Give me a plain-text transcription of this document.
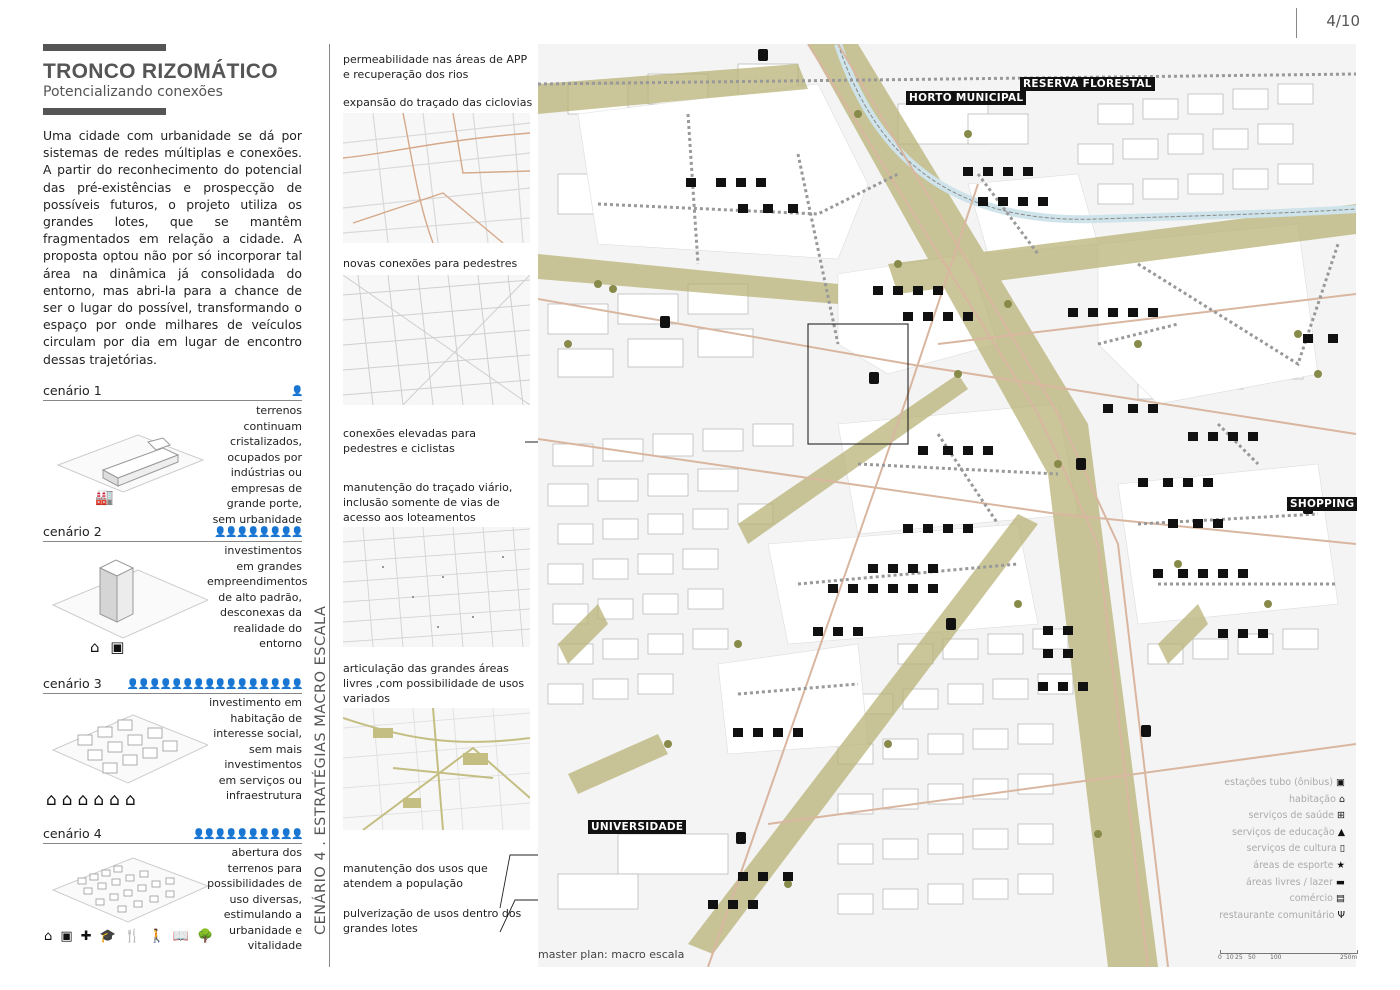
4/10
TRONCO RIZOMÁTICO
Potencializando conexões
Uma cidade com urbanidade se dá por sistemas de redes múltiplas e conexões. A partir do reconhecimento do potencial das pré-existências e prospecção de possíveis futuros, o projeto utiliza os grandes lotes, que se mantêm fragmentados em relação a cidade. A proposta optou não por só incorporar tal área na dinâmica já consolidada do entorno, mas abri-la para a chance de ser o lugar do possível, transformando o espaço por onde milhares de veículos circulam por dia em lugar de encontro dessas trajetórias.
cenário 1	👤
terrenos continuam cristalizados, ocupados por indústrias ou empresas de grande porte, sem urbanidade
🏭
cenário 2	👤👤👤👤👤👤👤👤
investimentos em grandes empreendimentos de alto padrão, desconexas da realidade do entorno
⌂ ▣
cenário 3	👤👤👤👤👤👤👤👤👤👤👤👤👤👤👤👤
investimento em habitação de interesse social, sem mais investimentos em serviços ou infraestrutura
⌂⌂⌂⌂⌂⌂
cenário 4	👤👤👤👤👤👤👤👤👤👤
abertura dos terrenos para possibilidades de uso diversas, estimulando a urbanidade e vitalidade
⌂ ▣ ✚ 🎓 🍴 🚶 📖 🌳
CENÁRIO 4 . ESTRATÉGIAS MACRO ESCALA
permeabilidade nas áreas de APP e recuperação dos rios
expansão do traçado das ciclovias
novas conexões para pedestres
conexões elevadas para pedestres e ciclistas
manutenção do traçado viário, inclusão somente de vias de acesso aos loteamentos
articulação das grandes áreas livres ,com possibilidade de usos variados
manutenção dos usos que atendem a população
pulverização de usos dentro dos grandes lotes
HORTO MUNICIPAL
RESERVA FLORESTAL
SHOPPING
UNIVERSIDADE
estações tubo (ônibus) ▣
habitação ⌂
serviços de saúde ⊞
serviços de educação ▲
serviços de cultura ▯
áreas de esporte ★
áreas livres / lazer ▬
comércio ▤
restaurante comunitário Ψ
master plan: macro escala	0 10 25 50 100	250m
